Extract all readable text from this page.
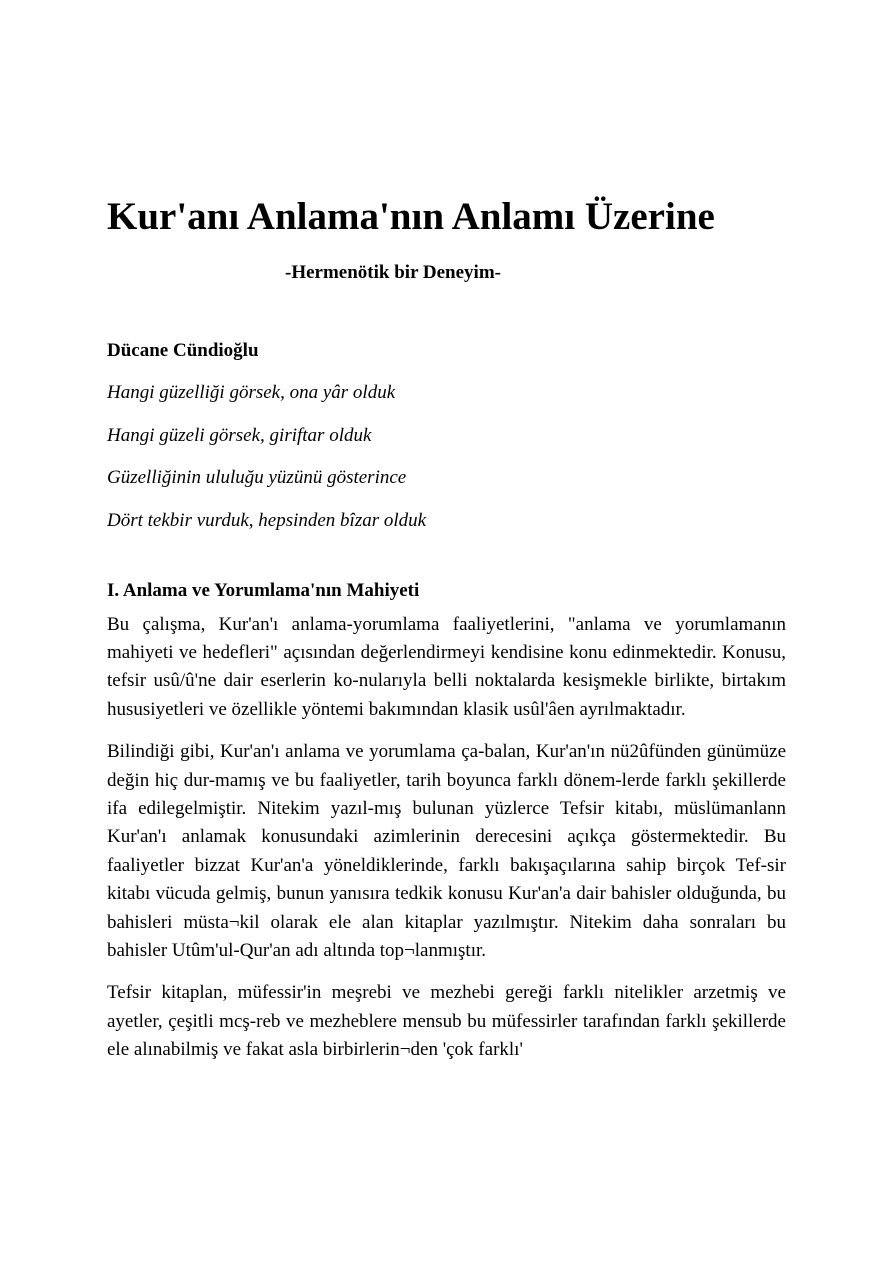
Kur'anı Anlama'nın Anlamı Üzerine
-Hermenötik bir Deneyim-
Dücane Cündioğlu
Hangi güzelliği görsek, ona yâr olduk
Hangi güzeli görsek, giriftar olduk
Güzelliğinin ululuğu yüzünü gösterince
Dört tekbir vurduk, hepsinden bîzar olduk
I. Anlama ve Yorumlama'nın Mahiyeti

Bu çalışma, Kur'an'ı anlama-yorumlama faaliyetlerini, "anlama ve yorumlamanın mahiyeti ve hedefleri" açısından değerlendirmeyi kendisine konu edinmektedir. Konusu, tefsir usû/û'ne dair eserlerin ko-nularıyla belli noktalarda kesişmekle birlikte, birtakım hususiyetleri ve özellikle yöntemi bakımından klasik usûl'âen ayrılmaktadır.

Bilindiği gibi, Kur'an'ı anlama ve yorumlama ça-balan, Kur'an'ın nü2ûfünden günümüze değin hiç dur-mamış ve bu faaliyetler, tarih boyunca farklı dönem-lerde farklı şekillerde ifa edilegelmiştir. Nitekim yazıl-mış bulunan yüzlerce Tefsir kitabı, müslümanlann Kur'an'ı anlamak konusundaki azimlerinin derecesini açıkça göstermektedir. Bu faaliyetler bizzat Kur'an'a yöneldiklerinde, farklı bakışaçılarına sahip birçok Tef-sir kitabı vücuda gelmiş, bunun yanısıra tedkik konusu Kur'an'a dair bahisler olduğunda, bu bahisleri müsta¬kil olarak ele alan kitaplar yazılmıştır. Nitekim daha sonraları bu bahisler Utûm'ul-Qur'an adı altında top¬lanmıştır.

Tefsir kitaplan, müfessir'in meşrebi ve mezhebi gereği farklı nitelikler arzetmiş ve ayetler, çeşitli mcş-reb ve mezheblere mensub bu müfessirler tarafından farklı şekillerde ele alınabilmiş ve fakat asla birbirlerin¬den 'çok farklı'
